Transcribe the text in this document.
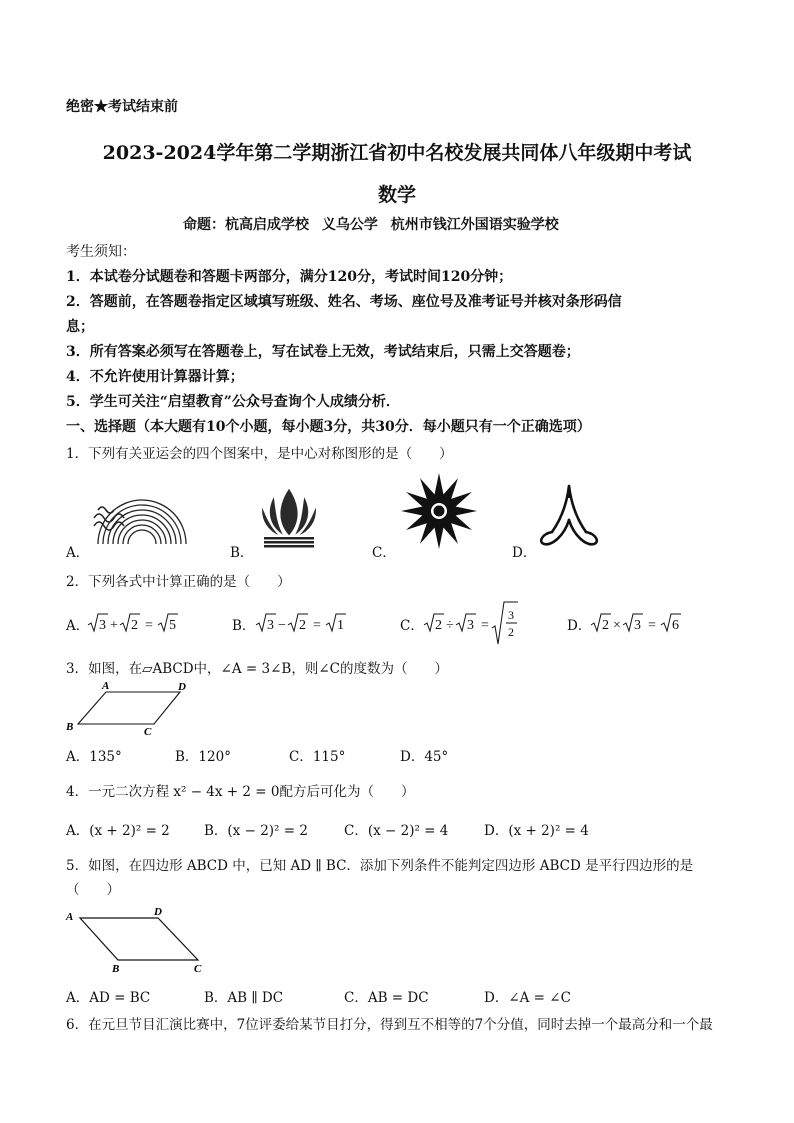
绝密★考试结束前
2023-2024学年第二学期浙江省初中名校发展共同体八年级期中考试
数学
命题：杭高启成学校 义乌公学 杭州市钱江外国语实验学校
考生须知：
1．本试卷分试题卷和答题卡两部分，满分120分，考试时间120分钟；
2．答题前，在答题卷指定区域填写班级、姓名、考场、座位号及准考证号并核对条形码信
息；
3．所有答案必须写在答题卷上，写在试卷上无效，考试结束后，只需上交答题卷；
4．不允许使用计算器计算；
5．学生可关注“启望教育”公众号查询个人成绩分析．
一、选择题（本大题有10个小题，每小题3分，共30分．每小题只有一个正确选项）
1．下列有关亚运会的四个图案中，是中心对称图形的是（　　）
A．	B．	C．	D．
2．下列各式中计算正确的是（　　）
A． 3 + 2 = 5	B． 3 − 2 = 1	C． 2 ÷ 3 =
3
2	D． 2 × 3 = 6
3．如图，在▱ABCD中，∠A = 3∠B，则∠C的度数为（　　）
A	D
B	C
A．135°	B．120°	C．115°	D．45°
4．一元二次方程 x² − 4x + 2 = 0配方后可化为（　　）
A．(x + 2)² = 2	B．(x − 2)² = 2	C．(x − 2)² = 4	D．(x + 2)² = 4
5．如图，在四边形 ABCD 中，已知 AD ∥ BC．添加下列条件不能判定四边形 ABCD 是平行四边形的是
（　　）
A	D
B	C
A．AD = BC	B．AB ∥ DC	C．AB = DC	D．∠A = ∠C
6．在元旦节目汇演比赛中，7位评委给某节目打分，得到互不相等的7个分值，同时去掉一个最高分和一个最
